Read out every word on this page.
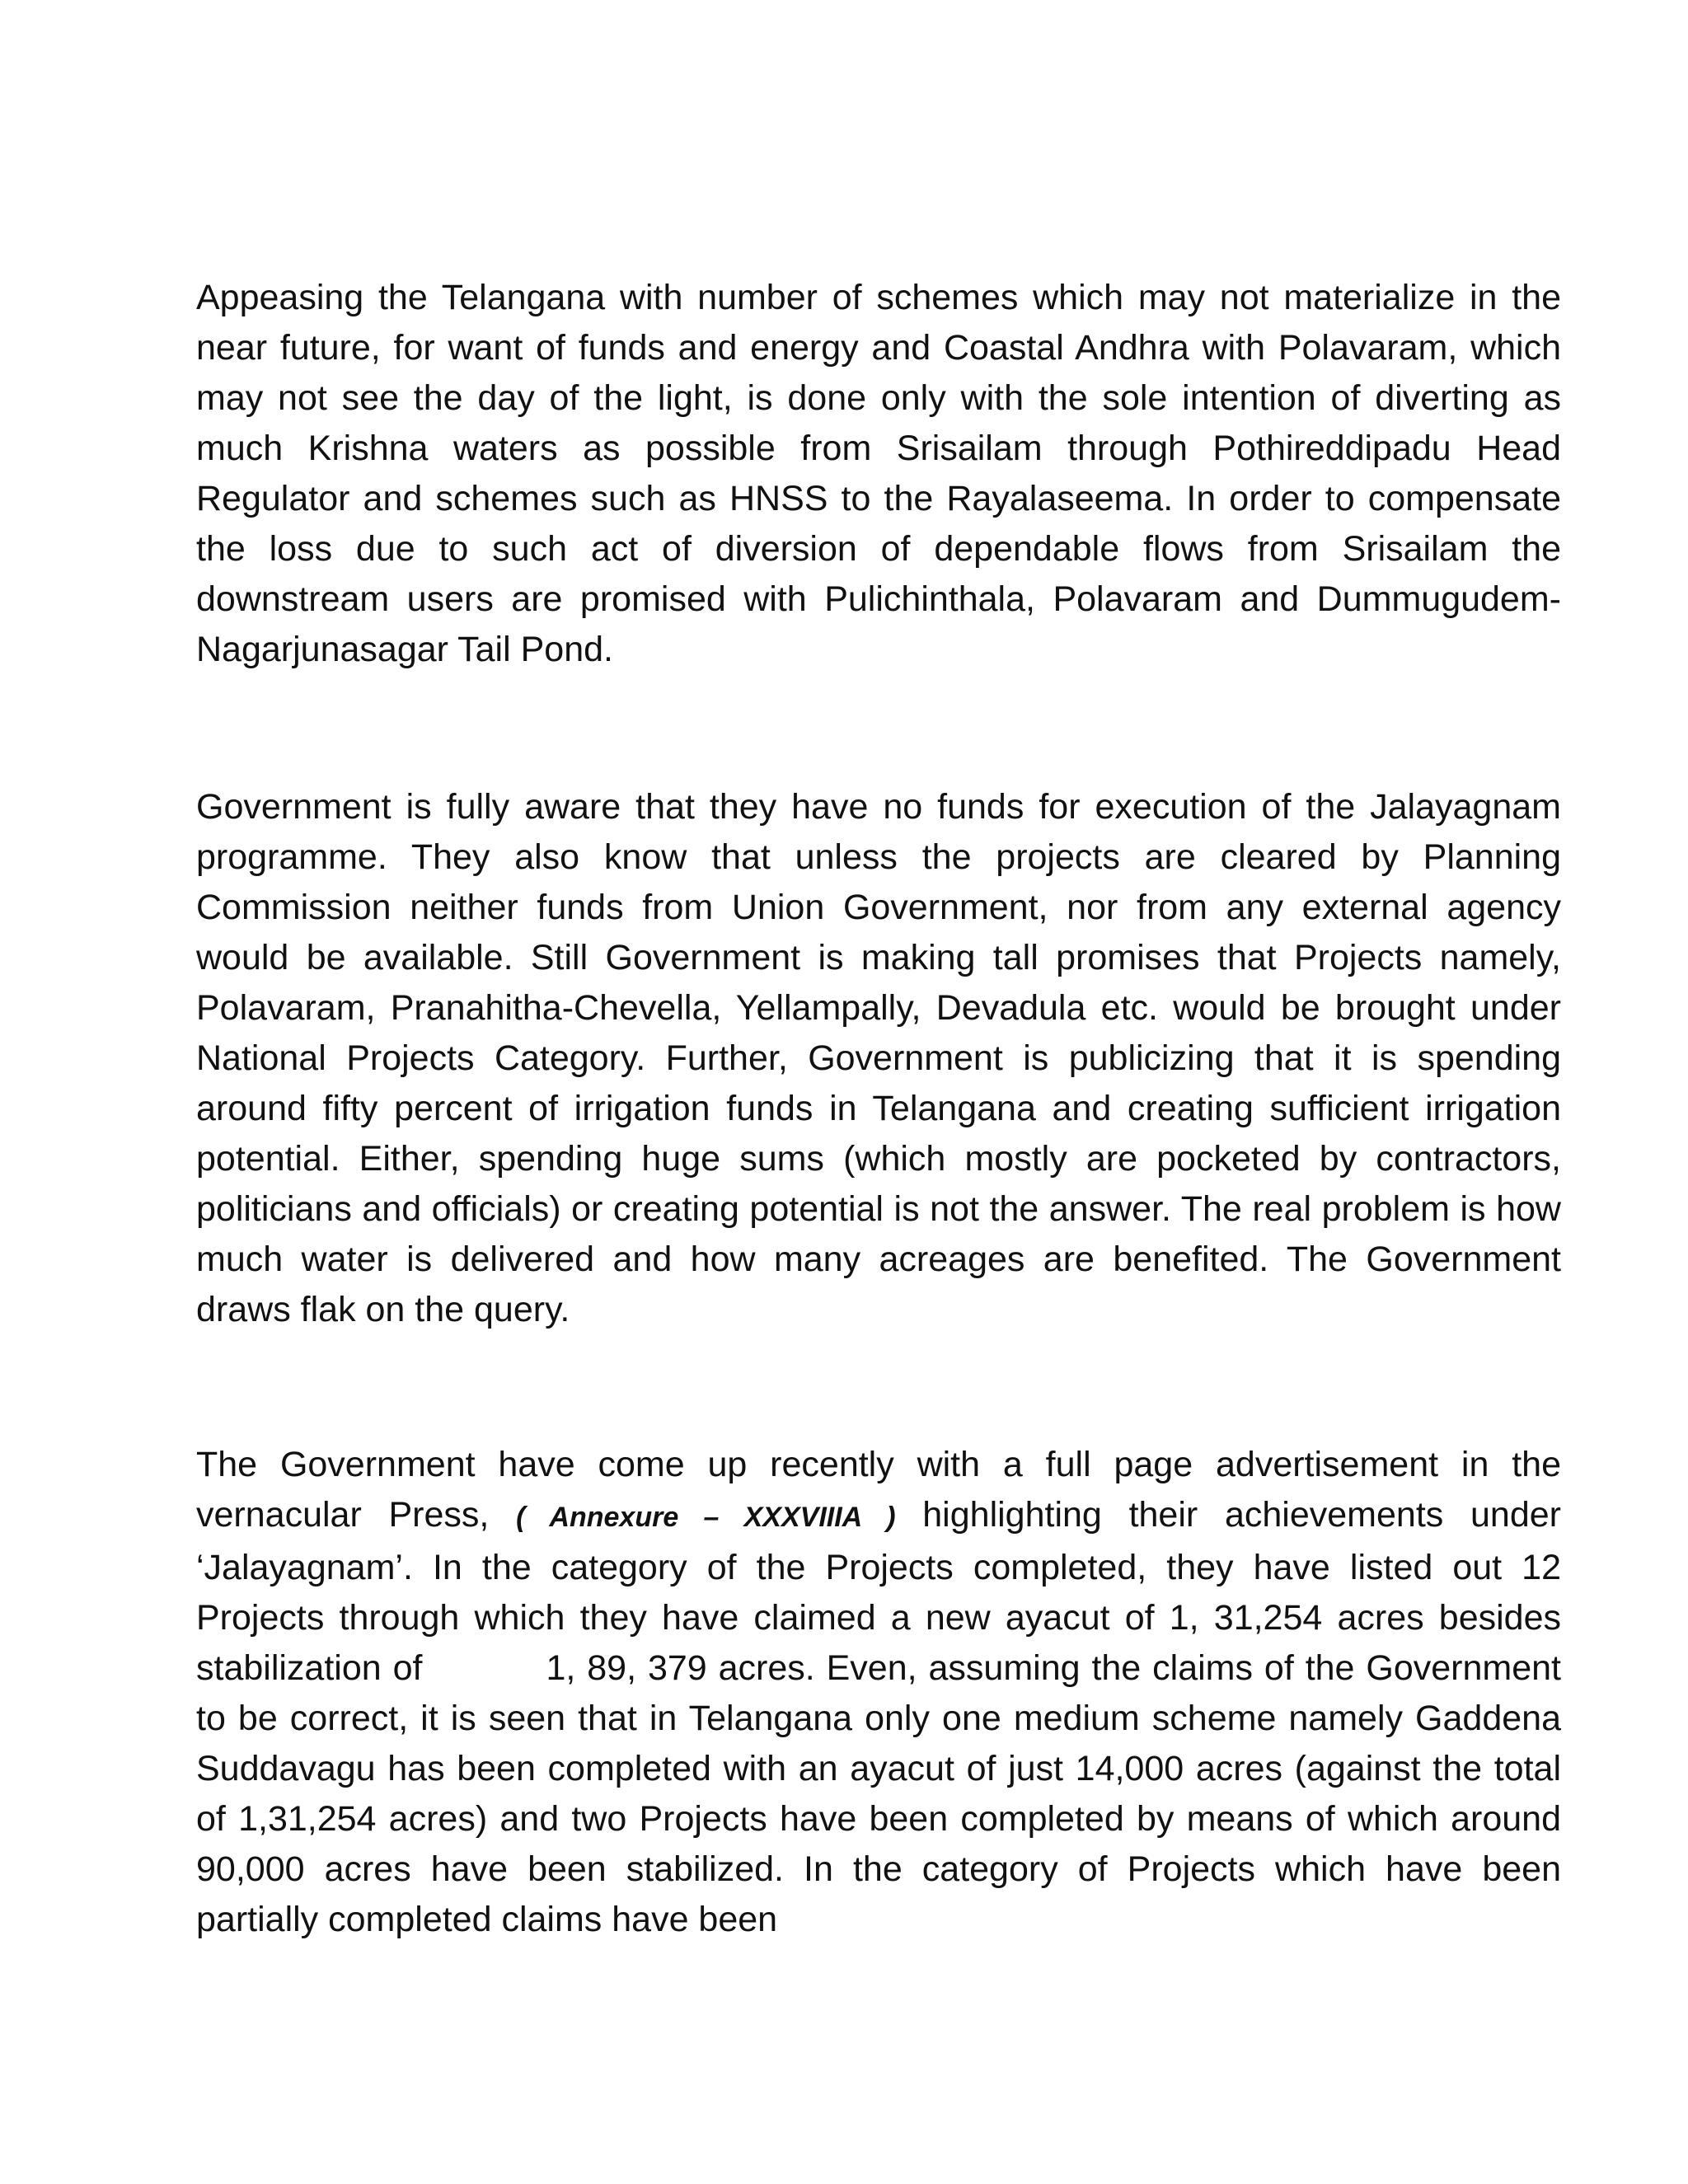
Appeasing the Telangana with number of schemes which may not materialize in the near future, for want of funds and energy and Coastal Andhra with Polavaram, which may not see the day of the light, is done only with the sole intention of diverting as much Krishna waters as possible from Srisailam through Pothireddipadu Head Regulator and schemes such as HNSS to the Rayalaseema. In order to compensate the loss due to such act of diversion of dependable flows from Srisailam the downstream users are promised with Pulichinthala, Polavaram and Dummugudem-Nagarjunasagar Tail Pond.

Government is fully aware that they have no funds for execution of the Jalayagnam programme. They also know that unless the projects are cleared by Planning Commission neither funds from Union Government, nor from any external agency would be available. Still Government is making tall promises that Projects namely, Polavaram, Pranahitha-Chevella, Yellampally, Devadula etc. would be brought under National Projects Category. Further, Government is publicizing that it is spending around fifty percent of irrigation funds in Telangana and creating sufficient irrigation potential. Either, spending huge sums (which mostly are pocketed by contractors, politicians and officials) or creating potential is not the answer. The real problem is how much water is delivered and how many acreages are benefited. The Government draws flak on the query.

The Government have come up recently with a full page advertisement in the vernacular Press, ( Annexure – XXXVIIIA ) highlighting their achievements under ‘Jalayagnam’. In the category of the Projects completed, they have listed out 12 Projects through which they have claimed a new ayacut of 1, 31,254 acres besides stabilization of	1, 89, 379 acres. Even, assuming the claims of the Government to be correct, it is seen that in Telangana only one medium scheme namely Gaddena Suddavagu has been completed with an ayacut of just 14,000 acres (against the total of 1,31,254 acres) and two Projects have been completed by means of which around 90,000 acres have been stabilized. In the category of Projects which have been partially completed claims have been
